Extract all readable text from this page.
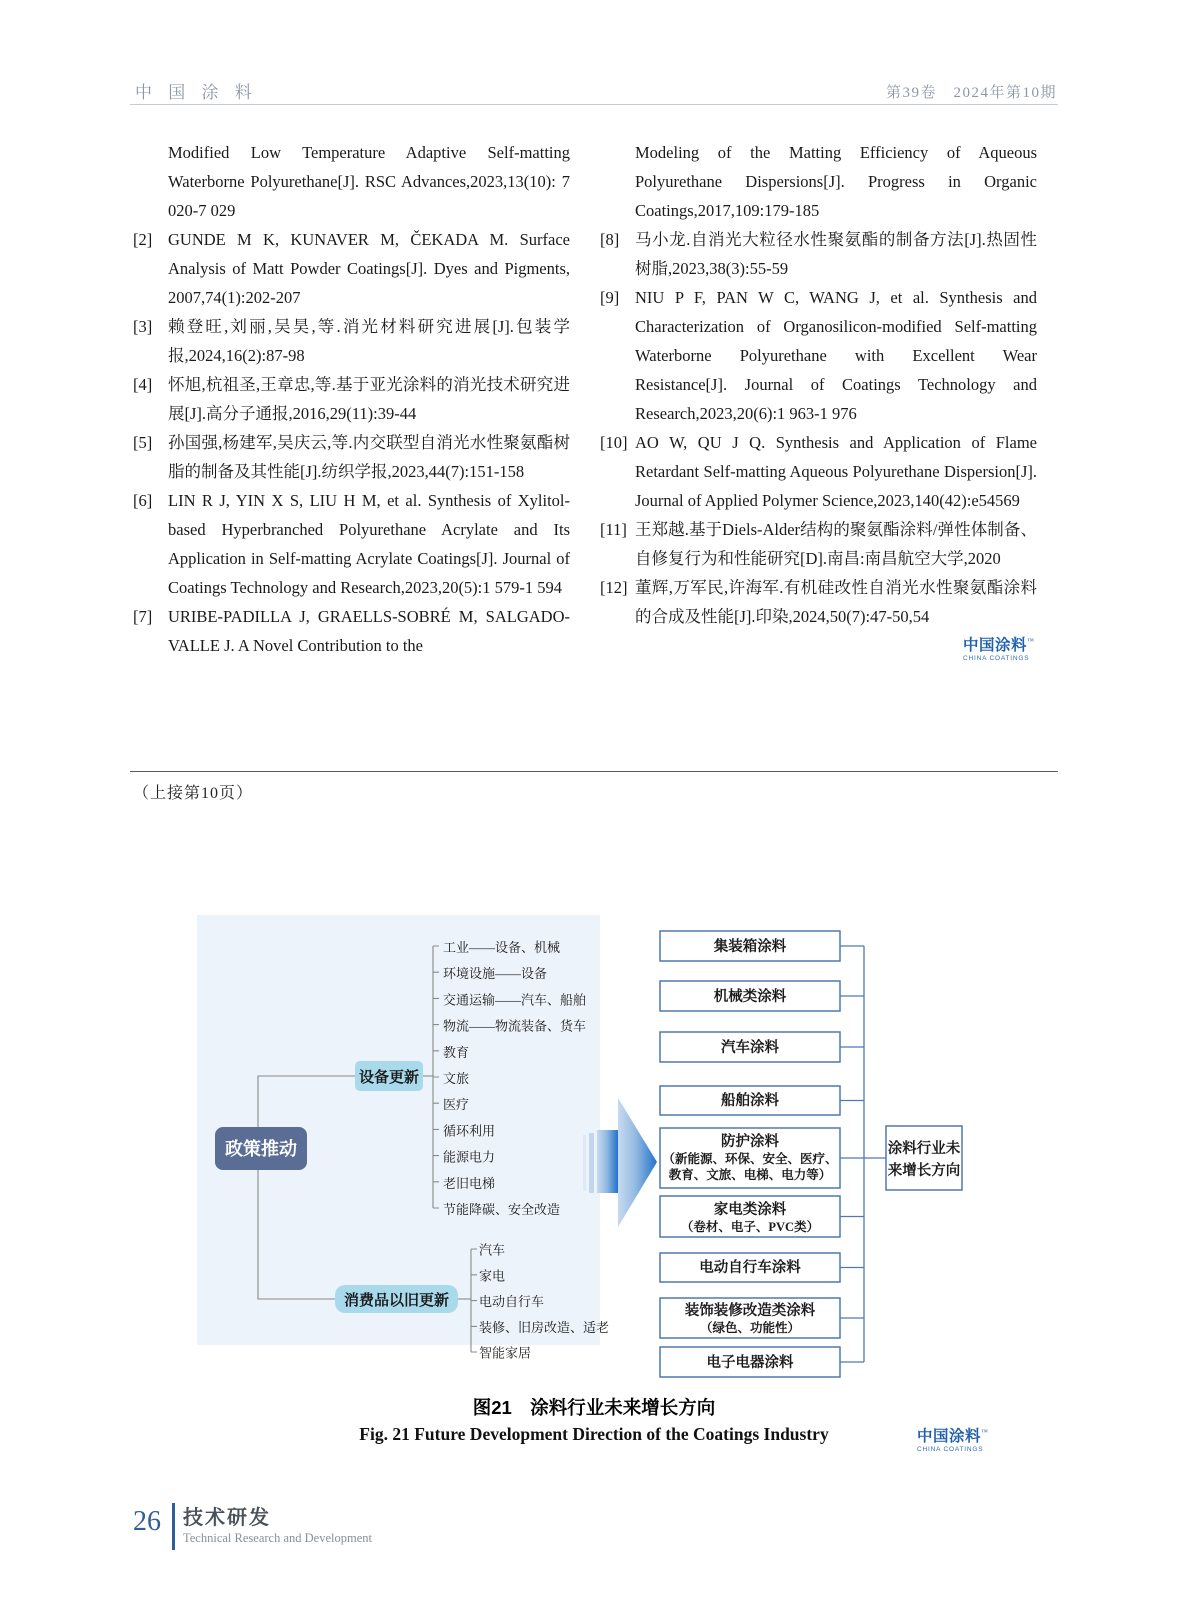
中 国 涂 料	第39卷　2024年第10期
Modified Low Temperature Adaptive Self-matting Waterborne Polyurethane[J]. RSC Advances,2023,13(10): 7 020-7 029
[2] GUNDE M K, KUNAVER M, ČEKADA M. Surface Analysis of Matt Powder Coatings[J]. Dyes and Pigments, 2007,74(1):202-207
[3] 赖登旺,刘丽,吴昊,等.消光材料研究进展[J].包装学报,2024,16(2):87-98
[4] 怀旭,杭祖圣,王章忠,等.基于亚光涂料的消光技术研究进展[J].高分子通报,2016,29(11):39-44
[5] 孙国强,杨建军,吴庆云,等.内交联型自消光水性聚氨酯树脂的制备及其性能[J].纺织学报,2023,44(7):151-158
[6] LIN R J, YIN X S, LIU H M, et al. Synthesis of Xylitol-based Hyperbranched Polyurethane Acrylate and Its Application in Self-matting Acrylate Coatings[J]. Journal of Coatings Technology and Research,2023,20(5):1 579-1 594
[7] URIBE-PADILLA J, GRAELLS-SOBRÉ M, SALGADO-VALLE J. A Novel Contribution to the
Modeling of the Matting Efficiency of Aqueous Polyurethane Dispersions[J]. Progress in Organic Coatings,2017,109:179-185
[8] 马小龙.自消光大粒径水性聚氨酯的制备方法[J].热固性树脂,2023,38(3):55-59
[9] NIU P F, PAN W C, WANG J, et al. Synthesis and Characterization of Organosilicon-modified Self-matting Waterborne Polyurethane with Excellent Wear Resistance[J]. Journal of Coatings Technology and Research,2023,20(6):1 963-1 976
[10] AO W, QU J Q. Synthesis and Application of Flame Retardant Self-matting Aqueous Polyurethane Dispersion[J]. Journal of Applied Polymer Science,2023,140(42):e54569
[11] 王郑越.基于Diels-Alder结构的聚氨酯涂料/弹性体制备、自修复行为和性能研究[D].南昌:南昌航空大学,2020
[12] 董辉,万军民,许海军.有机硅改性自消光水性聚氨酯涂料的合成及性能[J].印染,2024,50(7):47-50,54
中国涂料™
CHINA COATINGS
（上接第10页）
政策推动
设备更新
工业——设备、机械
环境设施——设备
交通运输——汽车、船舶
物流——物流装备、货车
教育
文旅
医疗
循环利用
能源电力
老旧电梯
节能降碳、安全改造
消费品以旧更新
汽车
家电
电动自行车
装修、旧房改造、适老
智能家居
集装箱涂料
机械类涂料
汽车涂料
船舶涂料
防护涂料
（新能源、环保、安全、医疗、
教育、文旅、电梯、电力等）
家电类涂料
（卷材、电子、PVC类）
电动自行车涂料
装饰装修改造类涂料
（绿色、功能性）
电子电器涂料
涂料行业未
来增长方向
图21　涂料行业未来增长方向
Fig. 21 Future Development Direction of the Coatings Industry	中国涂料™
CHINA COATINGS
26 技术研发
Technical Research and Development
